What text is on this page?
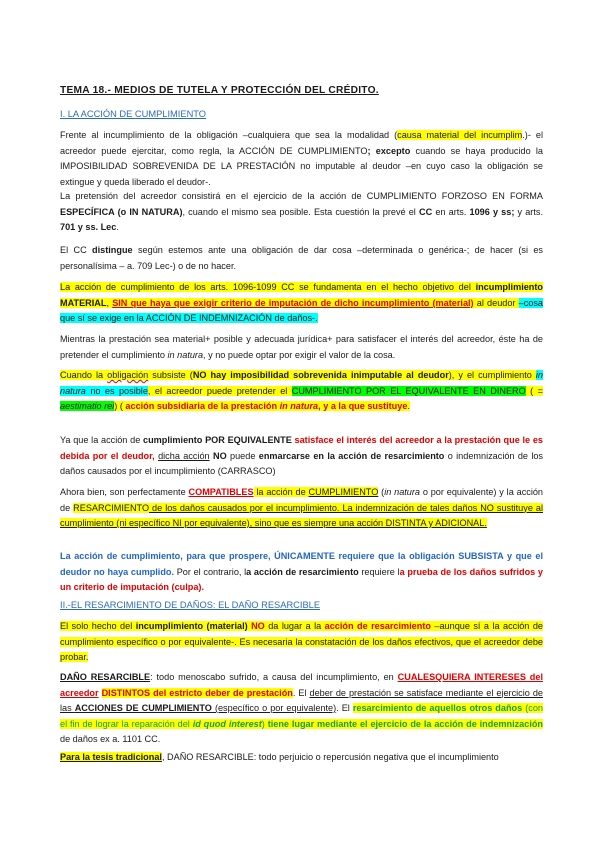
TEMA 18.- MEDIOS DE TUTELA Y PROTECCIÓN DEL CRÉDITO.
I. LA ACCIÓN DE CUMPLIMIENTO

Frente al incumplimiento de la obligación –cualquiera que sea la modalidad (causa material del incumplim.)- el acreedor puede ejercitar, como regla, la ACCIÓN DE CUMPLIMIENTO; excepto cuando se haya producido la IMPOSIBILIDAD SOBREVENIDA DE LA PRESTACIÓN no imputable al deudor –en cuyo caso la obligación se extingue y queda liberado el deudor-.

La pretensión del acreedor consistirá en el ejercicio de la acción de CUMPLIMIENTO FORZOSO EN FORMA ESPECÍFICA (o IN NATURA), cuando el mismo sea posible. Esta cuestión la prevé el CC en arts. 1096 y ss; y arts. 701 y ss. Lec.

El CC distingue según estemos ante una obligación de dar cosa –determinada o genérica-; de hacer (si es personalísima – a. 709 Lec-) o de no hacer.

La acción de cumplimiento de los arts. 1096-1099 CC se fundamenta en el hecho objetivo del incumplimiento MATERIAL, SIN que haya que exigir criterio de imputación de dicho incumplimiento (material) al deudor –cosa que sí se exige en la ACCIÓN DE INDEMNIZACIÓN de daños-.

Mientras la prestación sea material+ posible y adecuada jurídica+ para satisfacer el interés del acreedor, éste ha de pretender el cumplimiento in natura, y no puede optar por exigir el valor de la cosa.

Cuando la obligación subsiste (NO hay imposibilidad sobrevenida inimputable al deudor), y el cumplimiento in natura no es posible, el acreedor puede pretender el CUMPLIMIENTO POR EL EQUIVALENTE EN DINERO ( = aestimatio rei) ( acción subsidiaria de la prestación in natura, y a la que sustituye.

Ya que la acción de cumplimiento POR EQUIVALENTE satisface el interés del acreedor a la prestación que le es debida por el deudor, dicha acción NO puede enmarcarse en la acción de resarcimiento o indemnización de los daños causados por el incumplimiento (CARRASCO)

Ahora bien, son perfectamente COMPATIBLES la acción de CUMPLIMIENTO (in natura o por equivalente) y la acción de RESARCIMIENTO de los daños causados por el incumplimiento. La indemnización de tales daños NO sustituye al cumplimiento (ni específico NI por equivalente), sino que es siempre una acción DISTINTA y ADICIONAL.

La acción de cumplimiento, para que prospere, ÚNICAMENTE requiere que la obligación SUBSISTA y que el deudor no haya cumplido. Por el contrario, la acción de resarcimiento requiere la prueba de los daños sufridos y un criterio de imputación (culpa).

II.-EL RESARCIMIENTO DE DAÑOS: EL DAÑO RESARCIBLE

El solo hecho del incumplimiento (material) NO da lugar a la acción de resarcimiento –aunque sí a la acción de cumplimiento específico o por equivalente-. Es necesaria la constatación de los daños efectivos, que el acreedor debe probar.

DAÑO RESARCIBLE: todo menoscabo sufrido, a causa del incumplimiento, en CUALESQUIERA INTERESES del acreedor DISTINTOS del estricto deber de prestación. El deber de prestación se satisface mediante el ejercicio de las ACCIONES DE CUMPLIMIENTO (específico o por equivalente). El resarcimiento de aquellos otros daños (con el fin de lograr la reparación del id quod interest) tiene lugar mediante el ejercicio de la acción de indemnización de daños ex a. 1101 CC.

Para la tesis tradicional, DAÑO RESARCIBLE: todo perjuicio o repercusión negativa que el incumplimiento
